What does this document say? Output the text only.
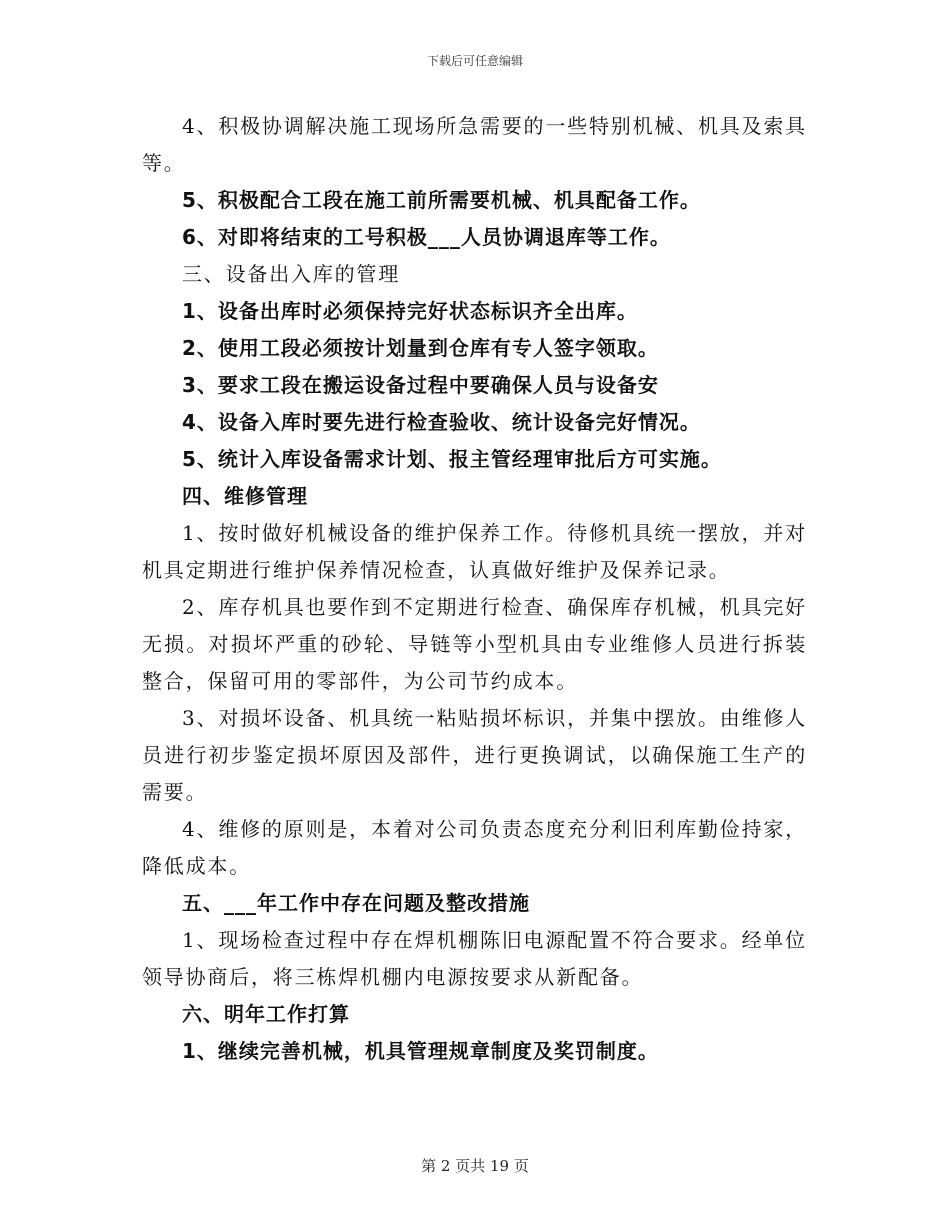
下载后可任意编辑

4、积极协调解决施工现场所急需要的一些特别机械、机具及索具等。

5、积极配合工段在施工前所需要机械、机具配备工作。

6、对即将结束的工号积极___人员协调退库等工作。

三、设备出入库的管理

1、设备出库时必须保持完好状态标识齐全出库。

2、使用工段必须按计划量到仓库有专人签字领取。

3、要求工段在搬运设备过程中要确保人员与设备安

4、设备入库时要先进行检查验收、统计设备完好情况。

5、统计入库设备需求计划、报主管经理审批后方可实施。

四、维修管理

1、按时做好机械设备的维护保养工作。待修机具统一摆放，并对机具定期进行维护保养情况检查，认真做好维护及保养记录。

2、库存机具也要作到不定期进行检查、确保库存机械，机具完好无损。对损坏严重的砂轮、导链等小型机具由专业维修人员进行拆装整合，保留可用的零部件，为公司节约成本。

3、对损坏设备、机具统一粘贴损坏标识，并集中摆放。由维修人员进行初步鉴定损坏原因及部件，进行更换调试，以确保施工生产的需要。

4、维修的原则是，本着对公司负责态度充分利旧利库勤俭持家，降低成本。

五、___年工作中存在问题及整改措施

1、现场检查过程中存在焊机棚陈旧电源配置不符合要求。经单位领导协商后，将三栋焊机棚内电源按要求从新配备。

六、明年工作打算

1、继续完善机械，机具管理规章制度及奖罚制度。

第 2 页共 19 页
